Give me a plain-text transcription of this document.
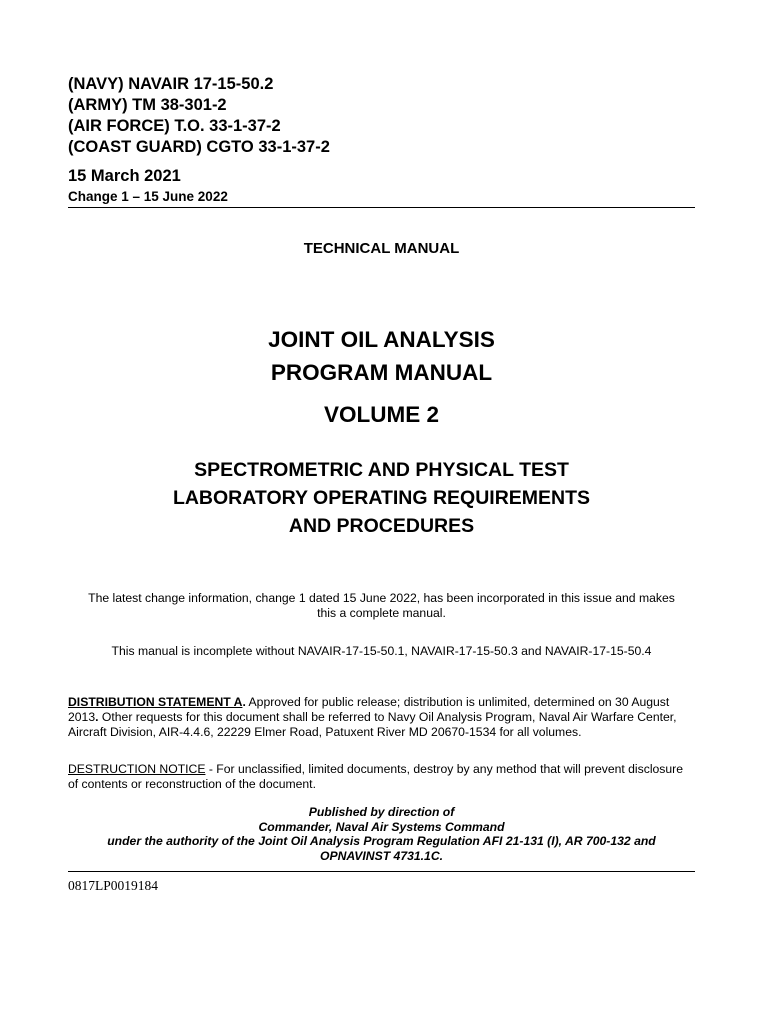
(NAVY) NAVAIR 17-15-50.2
(ARMY) TM 38-301-2
(AIR FORCE) T.O. 33-1-37-2
(COAST GUARD) CGTO 33-1-37-2
15 March 2021
Change 1 – 15 June 2022
TECHNICAL MANUAL
JOINT OIL ANALYSIS
PROGRAM MANUAL
VOLUME 2
SPECTROMETRIC AND PHYSICAL TEST
LABORATORY OPERATING REQUIREMENTS
AND PROCEDURES
The latest change information, change 1 dated 15 June 2022, has been incorporated in this issue and makes this a complete manual.
This manual is incomplete without NAVAIR-17-15-50.1, NAVAIR-17-15-50.3 and NAVAIR-17-15-50.4
DISTRIBUTION STATEMENT A. Approved for public release; distribution is unlimited, determined on 30 August 2013. Other requests for this document shall be referred to Navy Oil Analysis Program, Naval Air Warfare Center, Aircraft Division, AIR-4.4.6, 22229 Elmer Road, Patuxent River MD 20670-1534 for all volumes.
DESTRUCTION NOTICE - For unclassified, limited documents, destroy by any method that will prevent disclosure of contents or reconstruction of the document.
Published by direction of
Commander, Naval Air Systems Command
under the authority of the Joint Oil Analysis Program Regulation AFI 21-131 (I), AR 700-132 and
OPNAVINST 4731.1C.
0817LP0019184
